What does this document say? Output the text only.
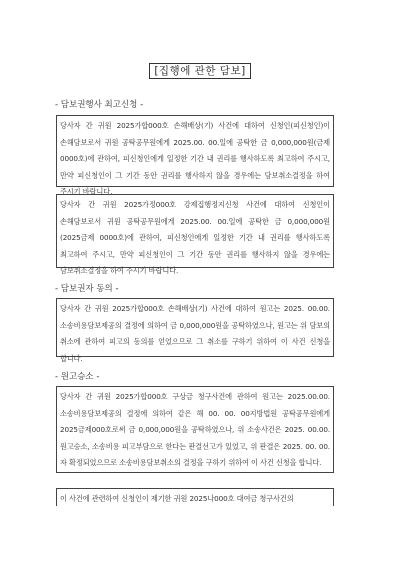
[집행에 관한 담보]
- 담보권행사 최고신청 -
당사자 간 귀원 2025가합000호 손해배상(기) 사건에 대하여 신청인(피신청인)이 손해담보로서 귀원 공탁공무원에게 2025.00. 00.일에 공탁한 금 0,000,000원(금제 0000호)에 관하여, 피신청인에게 일정한 기간 내 권리를 행사하도록 최고하여 주시고, 만약 피신청인이 그 기간 동안 권리를 행사하지 않을 경우에는 담보취소결정을 하여 주시기 바랍니다.
당사자 간 귀원 2025가정000호 강제집행정지신청 사건에 대하여 신청인이 손해담보로서 귀원 공탁공무원에게 2025.00. 00.일에 공탁한 금 0,000,000원(2025금제 0000호)에 관하여, 피신청인에게 일정한 기간 내 권리를 행사하도록 최고하여 주시고, 만약 피신청인이 그 기간 동안 권리를 행사하지 않을 경우에는 담보취소결정을 하여 주시기 바랍니다.
- 담보권자 동의 -
당사자 간 귀원 2025가합000호 손해배상(기) 사건에 대하여 원고는 2025. 00.00. 소송비용담보제공의 결정에 의하여 금 0,000,000원을 공탁하였으나, 원고는 위 담보의 취소에 관하여 피고의 동의를 얻었으므로 그 취소를 구하기 위하여 이 사건 신청을 합니다.
- 원고승소 -
당사자 간 귀원 2025가합000호 구상금 청구사건에 관하여 원고는 2025.00.00. 소송비용담보제공의 결정에 의하여 같은 해 00. 00. 00지방법원 공탁공무원에게 2025금제000호로써 금 0,000,000원을 공탁하였으나, 위 소송사건은 2025. 00.00. 원고승소, 소송비용 피고부담으로 한다는 판결선고가 있었고, 위 판결은 2025. 00. 00.자 확정되었으므로 소송비용담보취소의 결정을 구하기 위하여 이 사건 신청을 합니다.
이 사건에 관련하여 신청인이 제기한 귀원 2025나000호 대여금 청구사건의
